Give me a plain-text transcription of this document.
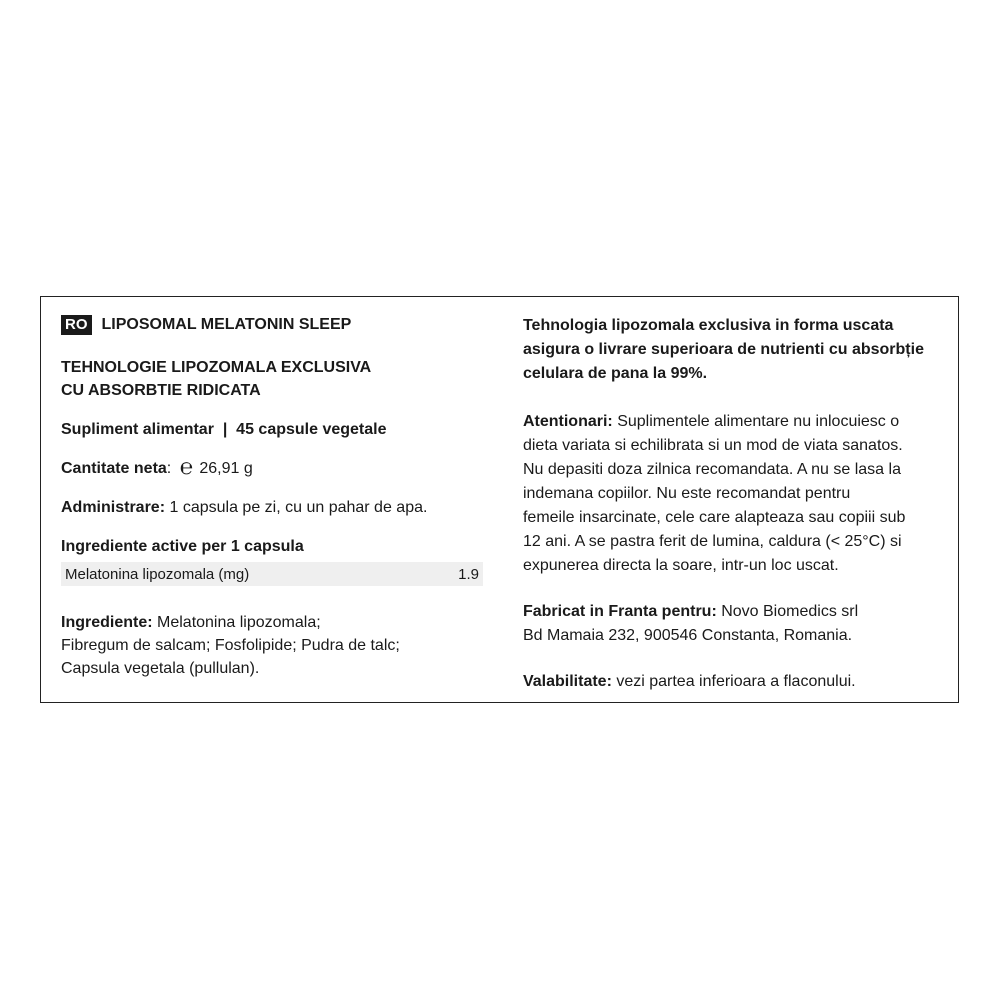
RO LIPOSOMAL MELATONIN SLEEP
TEHNOLOGIE LIPOZOMALA EXCLUSIVA
CU ABSORBTIE RIDICATA
Supliment alimentar  |  45 capsule vegetale
Cantitate neta: ℮ 26,91 g
Administrare: 1 capsula pe zi, cu un pahar de apa.
Ingrediente active per 1 capsula
Melatonina lipozomala (mg)	1.9
Ingrediente: Melatonina lipozomala;
Fibregum de salcam; Fosfolipide; Pudra de talc;
Capsula vegetala (pullulan).
Tehnologia lipozomala exclusiva in forma uscata
asigura o livrare superioara de nutrienti cu absorbție
celulara de pana la 99%.
Atentionari: Suplimentele alimentare nu inlocuiesc o
dieta variata si echilibrata si un mod de viata sanatos.
Nu depasiti doza zilnica recomandata. A nu se lasa la
indemana copiilor. Nu este recomandat pentru
femeile insarcinate, cele care alapteaza sau copiii sub
12 ani. A se pastra ferit de lumina, caldura (< 25°C) si
expunerea directa la soare, intr-un loc uscat.
Fabricat in Franta pentru: Novo Biomedics srl
Bd Mamaia 232, 900546 Constanta, Romania.
Valabilitate: vezi partea inferioara a flaconului.
